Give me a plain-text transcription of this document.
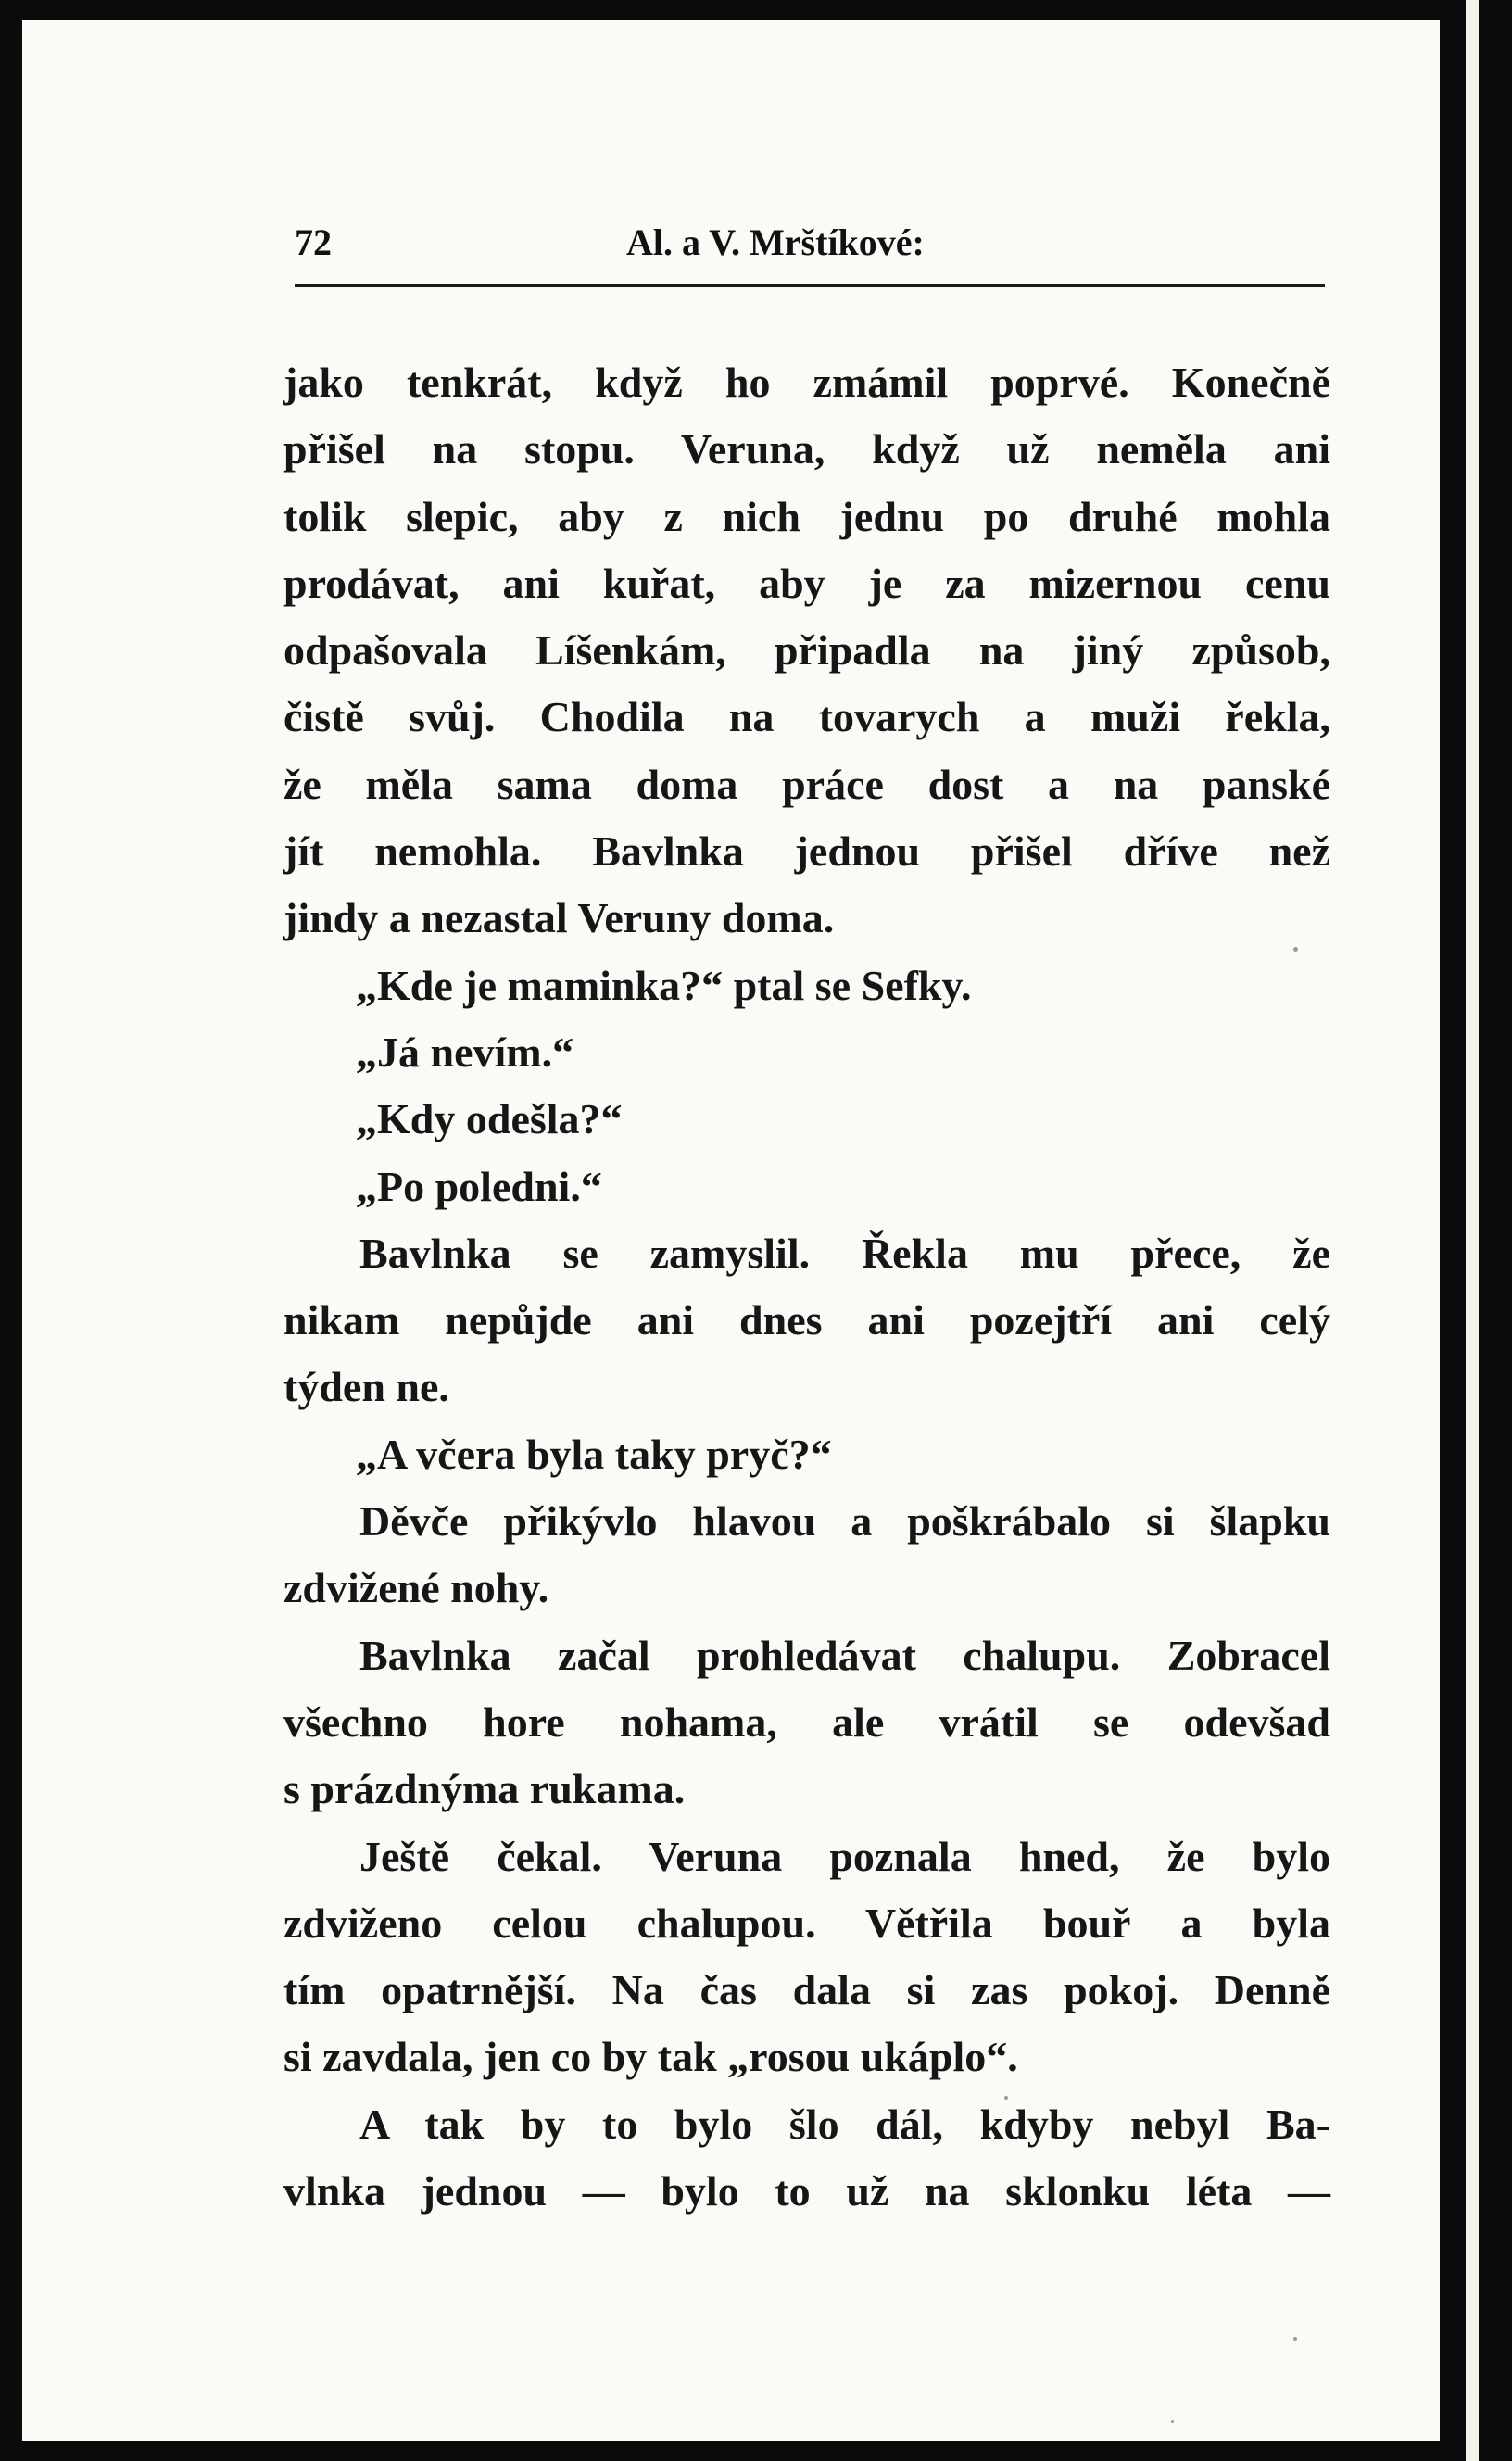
72	Al. a V. Mrštíkové:
jako tenkrát, když ho zmámil poprvé. Konečně
přišel na stopu. Veruna, když už neměla ani
tolik slepic, aby z nich jednu po druhé mohla
prodávat, ani kuřat, aby je za mizernou cenu
odpašovala Líšenkám, připadla na jiný způsob,
čistě svůj. Chodila na tovarych a muži řekla,
že měla sama doma práce dost a na panské
jít nemohla. Bavlnka jednou přišel dříve než
jindy a nezastal Veruny doma.
„Kde je maminka?“ ptal se Sefky.
„Já nevím.“
„Kdy odešla?“
„Po poledni.“
Bavlnka se zamyslil. Řekla mu přece, že
nikam nepůjde ani dnes ani pozejtří ani celý
týden ne.
„A včera byla taky pryč?“
Děvče přikývlo hlavou a poškrábalo si šlapku
zdvižené nohy.
Bavlnka začal prohledávat chalupu. Zobracel
všechno hore nohama, ale vrátil se odevšad
s prázdnýma rukama.
Ještě čekal. Veruna poznala hned, že bylo
zdviženo celou chalupou. Větřila bouř a byla
tím opatrnější. Na čas dala si zas pokoj. Denně
si zavdala, jen co by tak „rosou ukáplo“.
A tak by to bylo šlo dál, kdyby nebyl Ba-
vlnka jednou — bylo to už na sklonku léta —
